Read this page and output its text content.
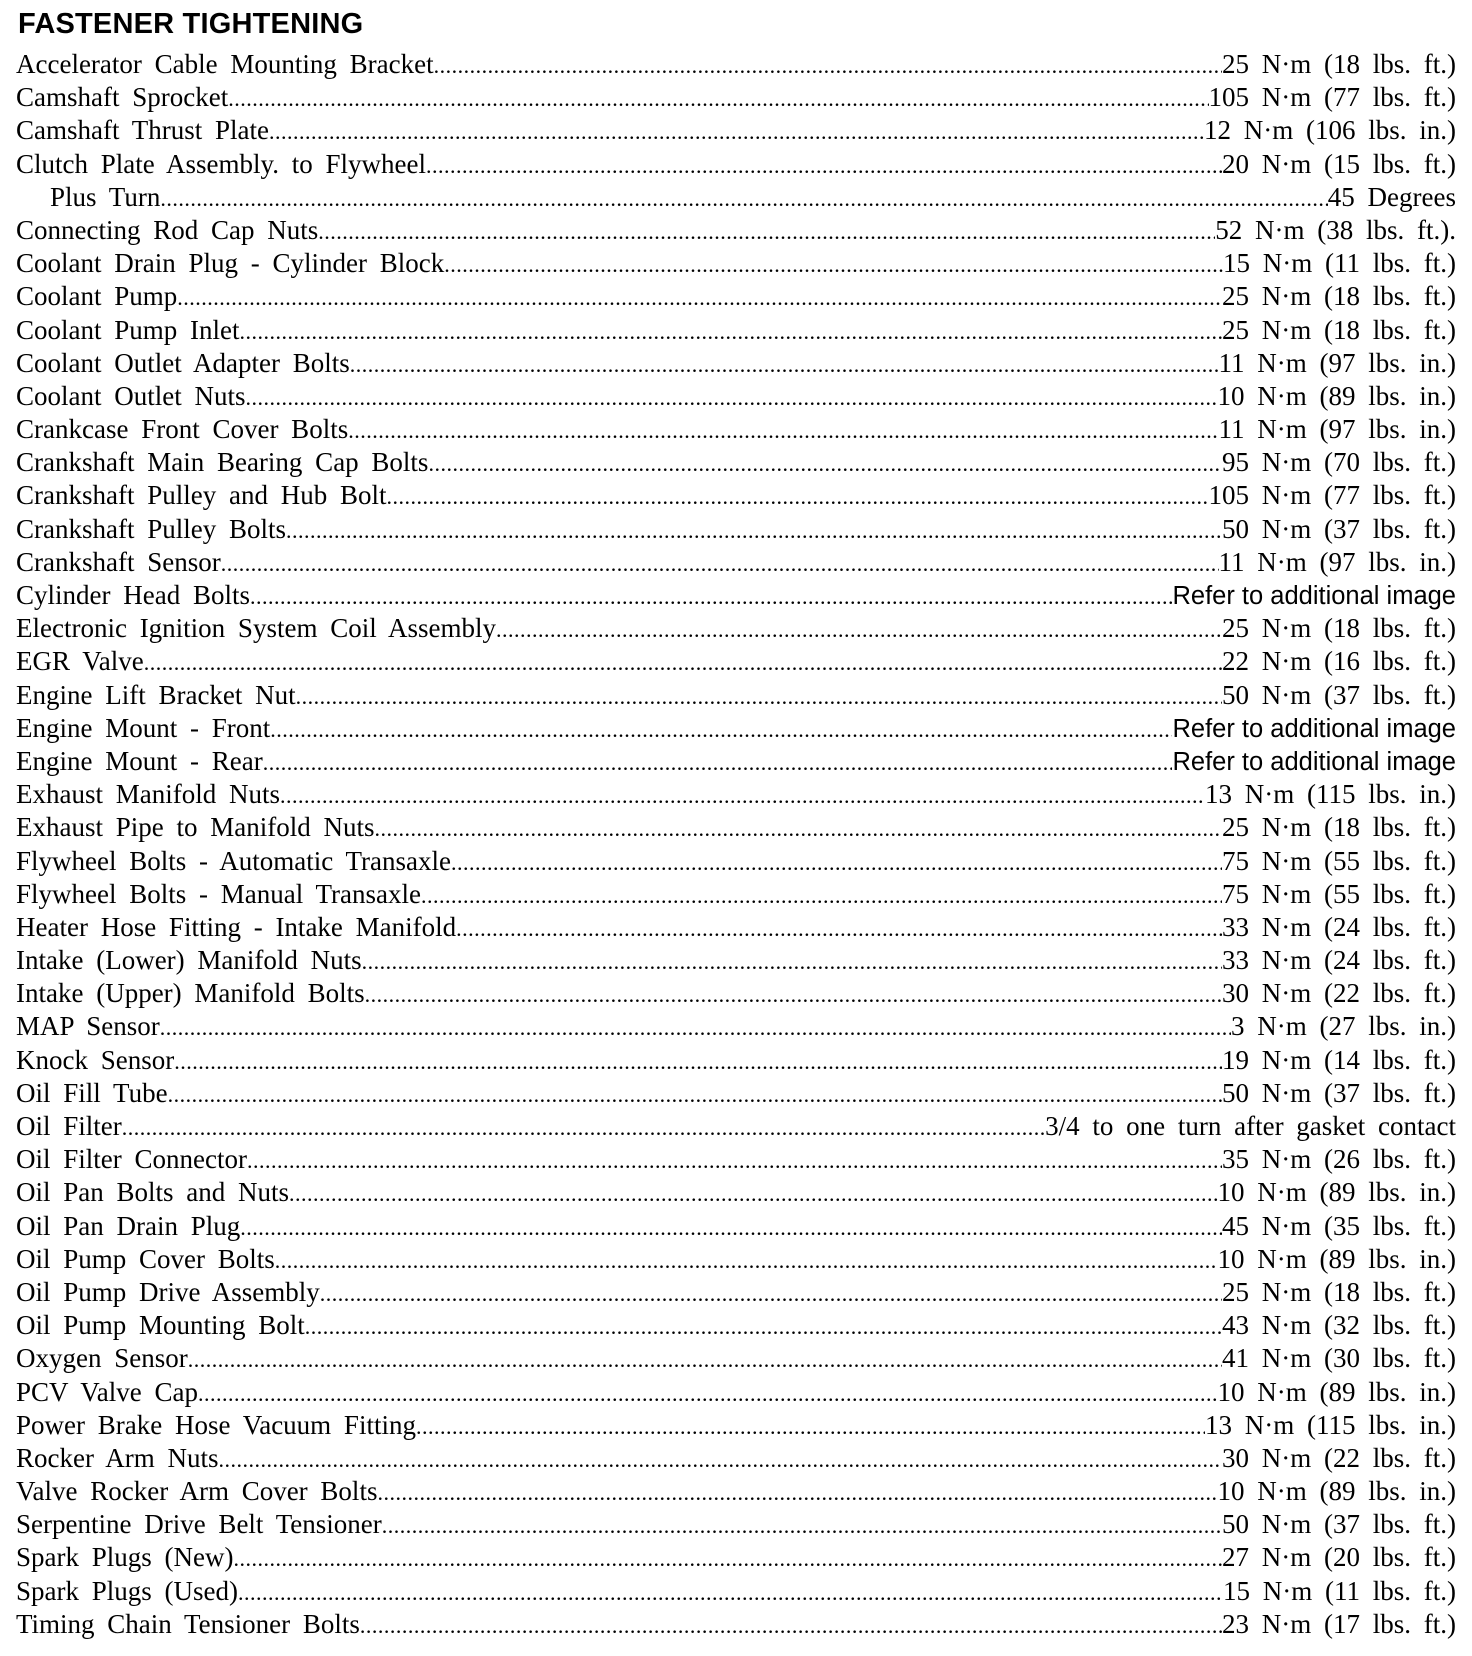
FASTENER TIGHTENING
Accelerator Cable Mounting Bracket .....	25 N·m (18 lbs. ft.)
Camshaft Sprocket .....	105 N·m (77 lbs. ft.)
Camshaft Thrust Plate .....	12 N·m (106 lbs. in.)
Clutch Plate Assembly. to Flywheel .....	20 N·m (15 lbs. ft.)
Plus Turn .....	45 Degrees
Connecting Rod Cap Nuts .....	52 N·m (38 lbs. ft.).
Coolant Drain Plug - Cylinder Block .....	15 N·m (11 lbs. ft.)
Coolant Pump .....	25 N·m (18 lbs. ft.)
Coolant Pump Inlet .....	25 N·m (18 lbs. ft.)
Coolant Outlet Adapter Bolts .....	11 N·m (97 lbs. in.)
Coolant Outlet Nuts .....	10 N·m (89 lbs. in.)
Crankcase Front Cover Bolts .....	11 N·m (97 lbs. in.)
Crankshaft Main Bearing Cap Bolts .....	95 N·m (70 lbs. ft.)
Crankshaft Pulley and Hub Bolt .....	105 N·m (77 lbs. ft.)
Crankshaft Pulley Bolts .....	50 N·m (37 lbs. ft.)
Crankshaft Sensor .....	11 N·m (97 lbs. in.)
Cylinder Head Bolts .....	Refer to additional image
Electronic Ignition System Coil Assembly .....	25 N·m (18 lbs. ft.)
EGR Valve .....	22 N·m (16 lbs. ft.)
Engine Lift Bracket Nut .....	50 N·m (37 lbs. ft.)
Engine Mount - Front .....	Refer to additional image
Engine Mount - Rear .....	Refer to additional image
Exhaust Manifold Nuts .....	13 N·m (115 lbs. in.)
Exhaust Pipe to Manifold Nuts .....	25 N·m (18 lbs. ft.)
Flywheel Bolts - Automatic Transaxle .....	75 N·m (55 lbs. ft.)
Flywheel Bolts - Manual Transaxle .....	75 N·m (55 lbs. ft.)
Heater Hose Fitting - Intake Manifold .....	33 N·m (24 lbs. ft.)
Intake (Lower) Manifold Nuts .....	33 N·m (24 lbs. ft.)
Intake (Upper) Manifold Bolts .....	30 N·m (22 lbs. ft.)
MAP Sensor .....	3 N·m (27 lbs. in.)
Knock Sensor .....	19 N·m (14 lbs. ft.)
Oil Fill Tube .....	50 N·m (37 lbs. ft.)
Oil Filter .....	3/4 to one turn after gasket contact
Oil Filter Connector .....	35 N·m (26 lbs. ft.)
Oil Pan Bolts and Nuts .....	10 N·m (89 lbs. in.)
Oil Pan Drain Plug .....	45 N·m (35 lbs. ft.)
Oil Pump Cover Bolts .....	10 N·m (89 lbs. in.)
Oil Pump Drive Assembly .....	25 N·m (18 lbs. ft.)
Oil Pump Mounting Bolt .....	43 N·m (32 lbs. ft.)
Oxygen Sensor .....	41 N·m (30 lbs. ft.)
PCV Valve Cap .....	10 N·m (89 lbs. in.)
Power Brake Hose Vacuum Fitting .....	13 N·m (115 lbs. in.)
Rocker Arm Nuts .....	30 N·m (22 lbs. ft.)
Valve Rocker Arm Cover Bolts .....	10 N·m (89 lbs. in.)
Serpentine Drive Belt Tensioner .....	50 N·m (37 lbs. ft.)
Spark Plugs (New) .....	27 N·m (20 lbs. ft.)
Spark Plugs (Used) .....	15 N·m (11 lbs. ft.)
Timing Chain Tensioner Bolts .....	23 N·m (17 lbs. ft.)
